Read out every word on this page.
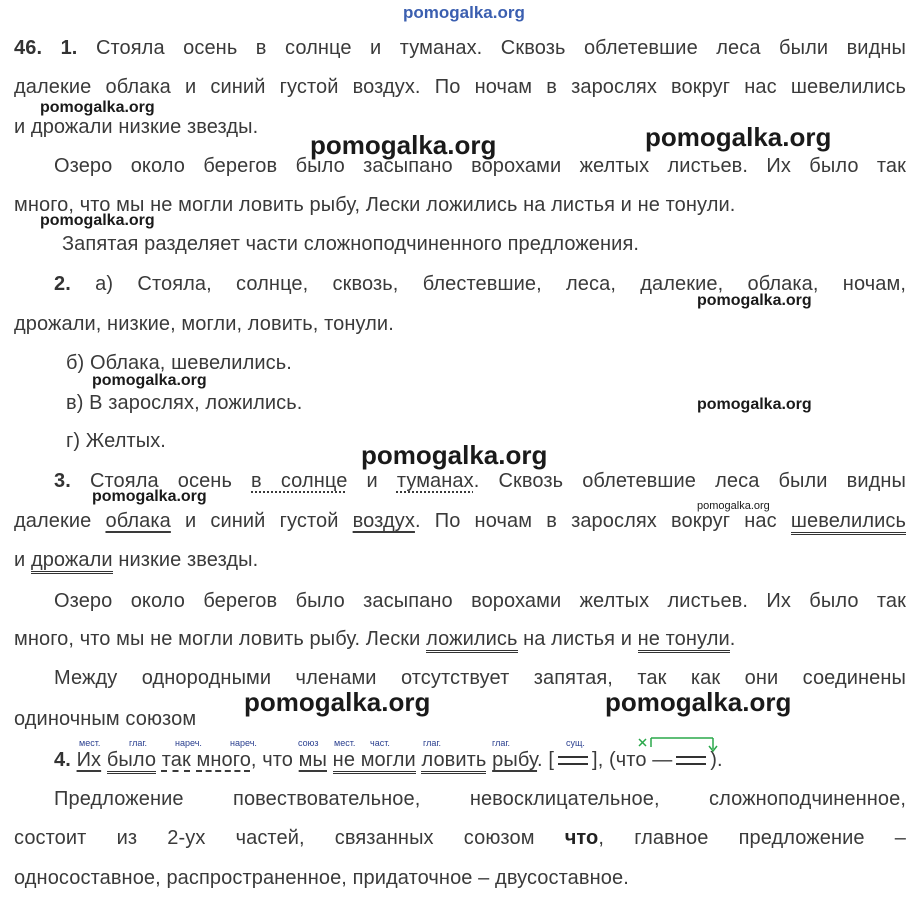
pomogalka.org
46. 1. Стояла осень в солнце и туманах. Сквозь облетевшие леса были видны
далекие облака и синий густой воздух. По ночам в зарослях вокруг нас шевелились
pomogalka.org
и дрожали низкие звезды.
pomogalka.org	pomogalka.org
Озеро около берегов было засыпано ворохами желтых листьев. Их было так
много, что мы не могли ловить рыбу, Лески ложились на листья и не тонули.
pomogalka.org
Запятая разделяет части сложноподчиненного предложения.
2. а) Стояла, солнце, сквозь, блестевшие, леса, далекие, облака, ночам,
pomogalka.org
дрожали, низкие, могли, ловить, тонули.
б) Облака, шевелились.
pomogalka.org
в) В зарослях, ложились.	pomogalka.org
г) Желтых.	pomogalka.org
3. Стояла осень в солнце и туманах. Сквозь облетевшие леса были видны
pomogalka.org
pomogalka.org
далекие облака и синий густой воздух. По ночам в зарослях вокруг нас шевелились
и дрожали низкие звезды.
Озеро около берегов было засыпано ворохами желтых листьев. Их было так
много, что мы не могли ловить рыбу. Лески ложились на листья и не тонули.
Между однородными членами отсутствует запятая, так как они соединены
одиночным союзом
pomogalka.org	pomogalka.org
мест.	глаг.	нареч.	нареч.	союз мест. част.	глаг.	глаг.	сущ.
4. Их было так много, что мы не могли ловить рыбу. [ ], (что — ).
Предложение повествовательное, невосклицательное, сложноподчиненное,
состоит из 2-ух частей, связанных союзом что, главное предложение –
односоставное, распространенное, придаточное – двусоставное.
